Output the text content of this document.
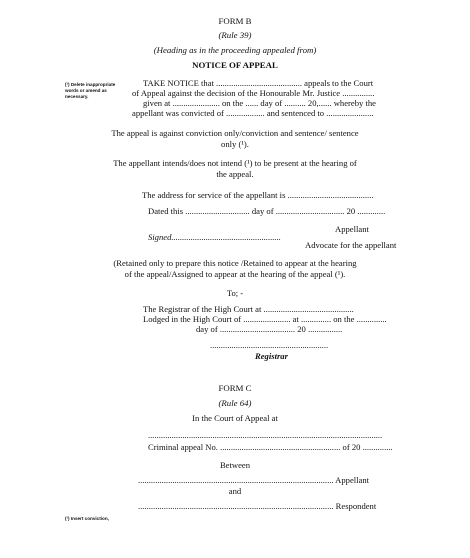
FORM B
(Rule 39)
(Heading as in the proceeding appealed from)
NOTICE OF APPEAL
(¹) Delete inappropriate
words or amend as
necessary.
TAKE NOTICE that ........................................ appeals to the Court
of Appeal against the decision of the Honourable Mr. Justice ...............
given at ...................... on the ...... day of .......... 20,...... whereby the
appellant was convicted of .................. and sentenced to ......................
The appeal is against conviction only/conviction and sentence/ sentence
only (¹).
The appellant intends/does not intend (¹) to be present at the hearing of
the appeal.
The address for service of the appellant is ........................................
Dated this .............................. day of ................................ 20 .............
Appellant
Signed...................................................
Advocate for the appellant
(Retained only to prepare this notice /Retained to appear at the hearing
of the appeal/Assigned to appear at the hearing of the appeal (¹).
To; -
The Registrar of the High Court at ..........................................
Lodged in the High Court of ...................... at .............. on the ..............
day of ................................... 20 ................
.......................................................
Registrar
FORM C
(Rule 64)
In the Court of Appeal at
.............................................................................................................
Criminal appeal No. ........................................................ of 20 ..............
Between
........................................................................................... Appellant
and
........................................................................................... Respondent
(¹) Insert conviction,
